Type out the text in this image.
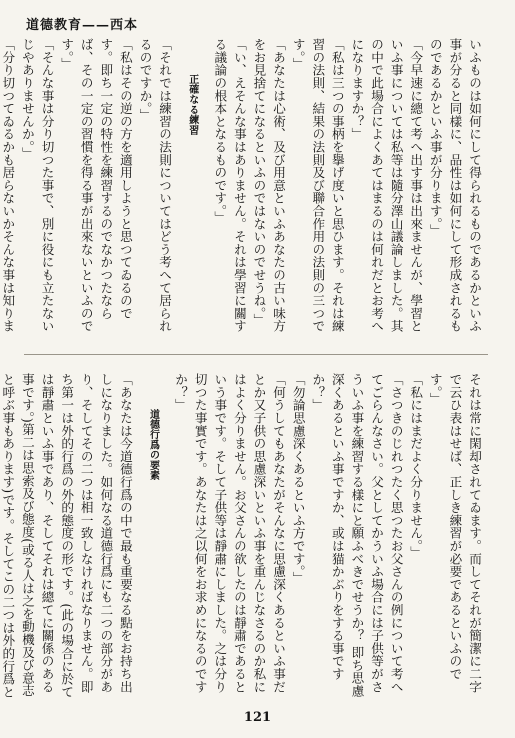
道德教育——西本

いふものは如何にして得られるものであるかといふ事が分ると同樣に、品性は如何にして形成されるものであるかといふ事が分ります。」

「今早速に總て考へ出す事は出來ませんが、學習といふ事については私等は隨分澤山議論しました。其の中で此場合によくあてはまるのは何れだとお考へになりますか？」

「私は三つの事柄を擧げ度いと思ひます。それは練習の法則、結果の法則及び聯合作用の法則の三つです。」

「あなたは心術、及び用意といふあなたの古い味方をお見捨てになるといふのではないのでせうね。」

「い、えそんな事はありません。それは學習に關する議論の根本となるものです。」

正確なる練習

「それでは練習の法則についてはどう考へて居られるのですか。」

「私はその逆の方を適用しようと思つてゐるのです。即ち一定の特性を練習するのでなかつたならば、その一定の習慣を得る事が出來ないといふのです。」

「そんな事は分り切つた事で、別に役にも立たないじやありませんか。」

「分り切つてゐるかも居らないかそんな事は知りま

それは常に閑却されてゐます。而してそれが簡潔に二字で云ひ表はせば、正しき練習が必要であるといふのです。」

「私にはまだよく分りません。」

「さつきのじれつたく思つたお父さんの例について考へてごらんなさい。父としてかういふ場合には子供等がさういふ事を練習する樣にと願ふべきでせうか？ 即ち思慮深くあるといふ事ですか、或は猫かぶりをする事ですか？」

「勿論思慮深くあるといふ方です。」

「何うしてもあなたがそんなに思慮深くあるといふ事だとか又子供の思慮深いといふ事を重んじなさるのか私にはよく分りません。お父さんの欲したのは靜肅であるという事です。そして子供等は靜肅にしました。之は分り切つた事實です。あなたは之以何をお求めになるのですか？」

道德行爲の要素

「あなたは今道德行爲の中で最も重要なる點をお持ち出しになりました。如何なる道德行爲にも二つの部分があり、そしてその二つは相一致しなければなりません。即ち第一は外的行爲の外的態度の形です。(此の場合に於ては靜肅といふ事であり、そしてそれは總てに關係のある事です。)第二は思索及び態度(或る人は之を動機及び意志と呼ぶ事もあります)です。そしてこの二つは外的行爲と

121
